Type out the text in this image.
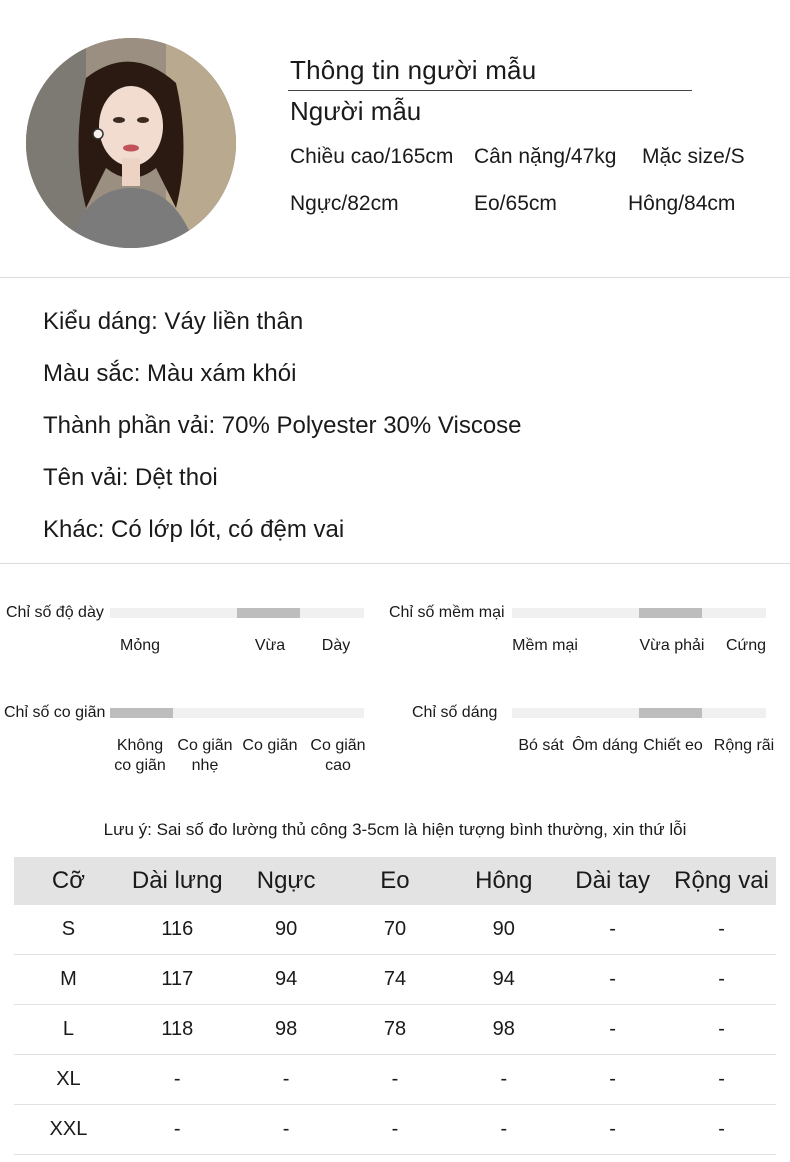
Thông tin người mẫu
Người mẫu
Chiều cao/165cm Cân nặng/47kg Mặc size/S
Ngực/82cm	Eo/65cm	Hông/84cm
Kiểu dáng: Váy liền thân
Màu sắc: Màu xám khói
Thành phần vải: 70% Polyester 30% Viscose
Tên vải: Dệt thoi
Khác: Có lớp lót, có đệm vai
Chỉ số độ dày
Mỏng	Vừa Dày
Chỉ số mềm mại
Mềm mại	Vừa phải Cứng
Chỉ số co giãn
Không
co giãn
Co giãn
nhẹ
Co giãn Co giãn
cao
Chỉ số dáng
Bó sát Ôm dáng Chiết eo Rộng rãi
Lưu ý: Sai số đo lường thủ công 3-5cm là hiện tượng bình thường, xin thứ lỗi
Cỡ	Dài lưng	Ngực	Eo	Hông	Dài tay	Rộng vai
S	116	90	70	90	-	-
M	117	94	74	94	-	-
L	118	98	78	98	-	-
XL	-	-	-	-	-	-
XXL	-	-	-	-	-	-
